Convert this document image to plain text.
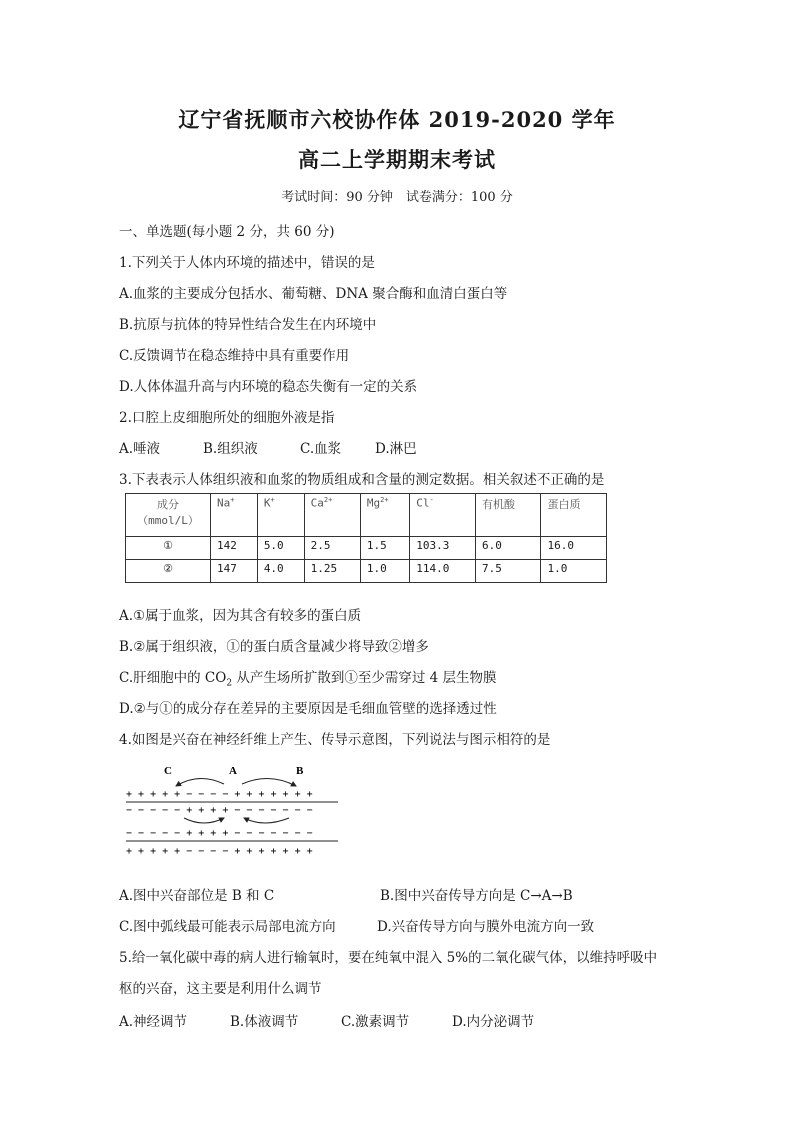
辽宁省抚顺市六校协作体 2019-2020 学年
高二上学期期末考试
考试时间：90 分钟　试卷满分：100 分
一、单选题(每小题 2 分，共 60 分)
1.下列关于人体内环境的描述中，错误的是
A.血浆的主要成分包括水、葡萄糖、DNA 聚合酶和血清白蛋白等
B.抗原与抗体的特异性结合发生在内环境中
C.反馈调节在稳态维持中具有重要作用
D.人体体温升高与内环境的稳态失衡有一定的关系
2.口腔上皮细胞所处的细胞外液是指
A.唾液	B.组织液	C.血浆	D.淋巴
3.下表表示人体组织液和血浆的物质组成和含量的测定数据。相关叙述不正确的是
成分
（mmol/L）	Na+	K+	$Ca^{2+}$	$Mg^{2+}$	Cl-	有机酸	蛋白质
①	142	5.0	2.5	1.5	103.3	6.0	16.0
②	147	4.0	1.25	1.0	114.0	7.5	1.0
A.①属于血浆，因为其含有较多的蛋白质
B.②属于组织液，①的蛋白质含量减少将导致②增多
C.肝细胞中的 $CO_2$ 从产生场所扩散到①至少需穿过 4 层生物膜
D.②与①的成分存在差异的主要原因是毛细血管壁的选择透过性
4.如图是兴奋在神经纤维上产生、传导示意图，下列说法与图示相符的是
C	A	B
+ + + + + − − − − + + + + + + +
− − − − − + + + + − − − − − − −
− − − − − + + + + − − − − − − −
+ + + + + − − − − + + + + + + +
A.图中兴奋部位是 B 和 C	B.图中兴奋传导方向是 C→A→B
C.图中弧线最可能表示局部电流方向	D.兴奋传导方向与膜外电流方向一致
5.给一氧化碳中毒的病人进行输氧时，要在纯氧中混入 5%的二氧化碳气体，以维持呼吸中
枢的兴奋，这主要是利用什么调节
A.神经调节	B.体液调节	C.激素调节	D.内分泌调节
